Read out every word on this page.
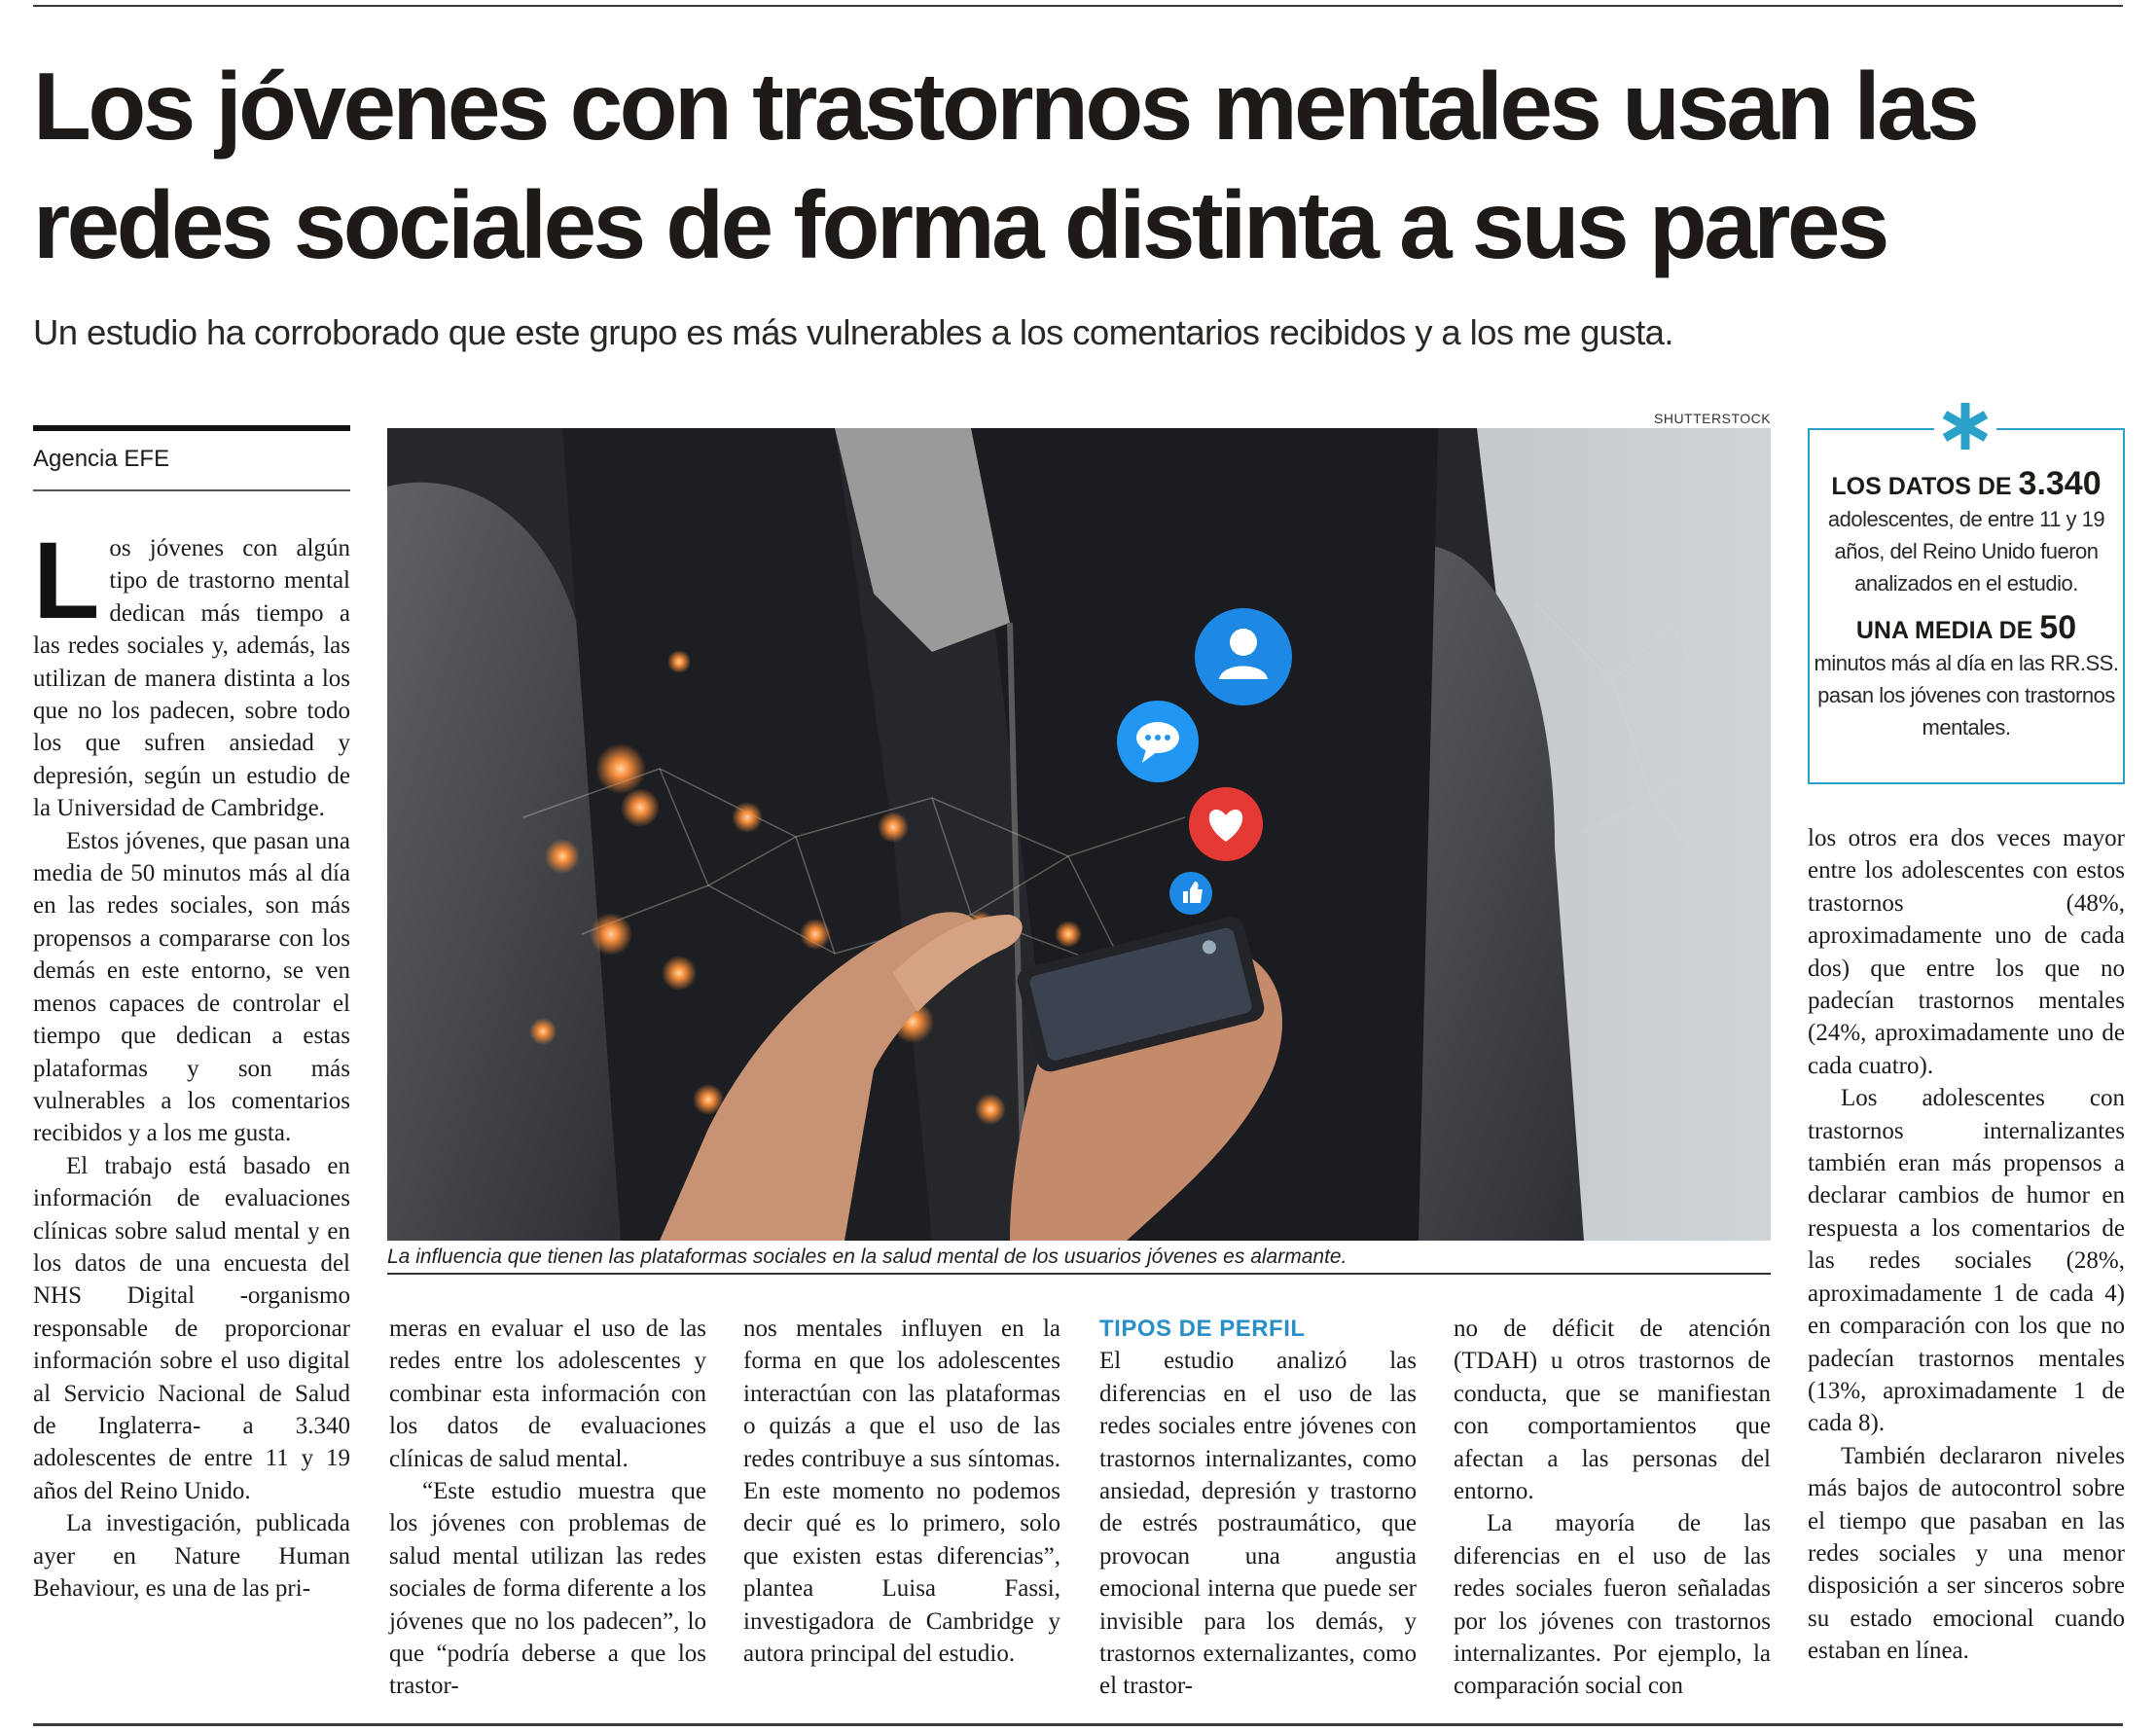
Los jóvenes con trastornos mentales usan las redes sociales de forma distinta a sus pares
Un estudio ha corroborado que este grupo es más vulnerables a los comentarios recibidos y a los me gusta.
Agencia EFE

Los jóvenes con algún tipo de trastorno mental dedican más tiempo a las redes sociales y, además, las utilizan de manera distinta a los que no los padecen, sobre todo los que sufren ansiedad y depresión, según un estudio de la Universidad de Cambridge.

Estos jóvenes, que pasan una media de 50 minutos más al día en las redes sociales, son más propensos a compararse con los demás en este entorno, se ven menos capaces de controlar el tiempo que dedican a estas plataformas y son más vulnerables a los comentarios recibidos y a los me gusta.

El trabajo está basado en información de evaluaciones clínicas sobre salud mental y en los datos de una encuesta del NHS Digital -organismo responsable de proporcionar información sobre el uso digital al Servicio Nacional de Salud de Inglaterra- a 3.340 adolescentes de entre 11 y 19 años del Reino Unido.

La investigación, publicada ayer en Nature Human Behaviour, es una de las pri-

SHUTTERSTOCK
La influencia que tienen las plataformas sociales en la salud mental de los usuarios jóvenes es alarmante.
LOS DATOS DE 3.340
adolescentes, de entre 11 y 19 años, del Reino Unido fueron analizados en el estudio.
UNA MEDIA DE 50
minutos más al día en las RR.SS. pasan los jóvenes con trastornos mentales.

meras en evaluar el uso de las redes entre los adolescentes y combinar esta información con los datos de evaluaciones clínicas de salud mental.

“Este estudio muestra que los jóvenes con problemas de salud mental utilizan las redes sociales de forma diferente a los jóvenes que no los padecen”, lo que “podría deberse a que los trastor-

nos mentales influyen en la forma en que los adolescentes interactúan con las plataformas o quizás a que el uso de las redes contribuye a sus síntomas. En este momento no podemos decir qué es lo primero, solo que existen estas diferencias”, plantea Luisa Fassi, investigadora de Cambridge y autora principal del estudio.

TIPOS DE PERFIL

El estudio analizó las diferencias en el uso de las redes sociales entre jóvenes con trastornos internalizantes, como ansiedad, depresión y trastorno de estrés postraumático, que provocan una angustia emocional interna que puede ser invisible para los demás, y trastornos externalizantes, como el trastor-

no de déficit de atención (TDAH) u otros trastornos de conducta, que se manifiestan con comportamientos que afectan a las personas del entorno.

La mayoría de las diferencias en el uso de las redes sociales fueron señaladas por los jóvenes con trastornos internalizantes. Por ejemplo, la comparación social con

los otros era dos veces mayor entre los adolescentes con estos trastornos (48%, aproximadamente uno de cada dos) que entre los que no padecían trastornos mentales (24%, aproximadamente uno de cada cuatro).

Los adolescentes con trastornos internalizantes también eran más propensos a declarar cambios de humor en respuesta a los comentarios de las redes sociales (28%, aproximadamente 1 de cada 4) en comparación con los que no padecían trastornos mentales (13%, aproximadamente 1 de cada 8).

También declararon niveles más bajos de autocontrol sobre el tiempo que pasaban en las redes sociales y una menor disposición a ser sinceros sobre su estado emocional cuando estaban en línea.
